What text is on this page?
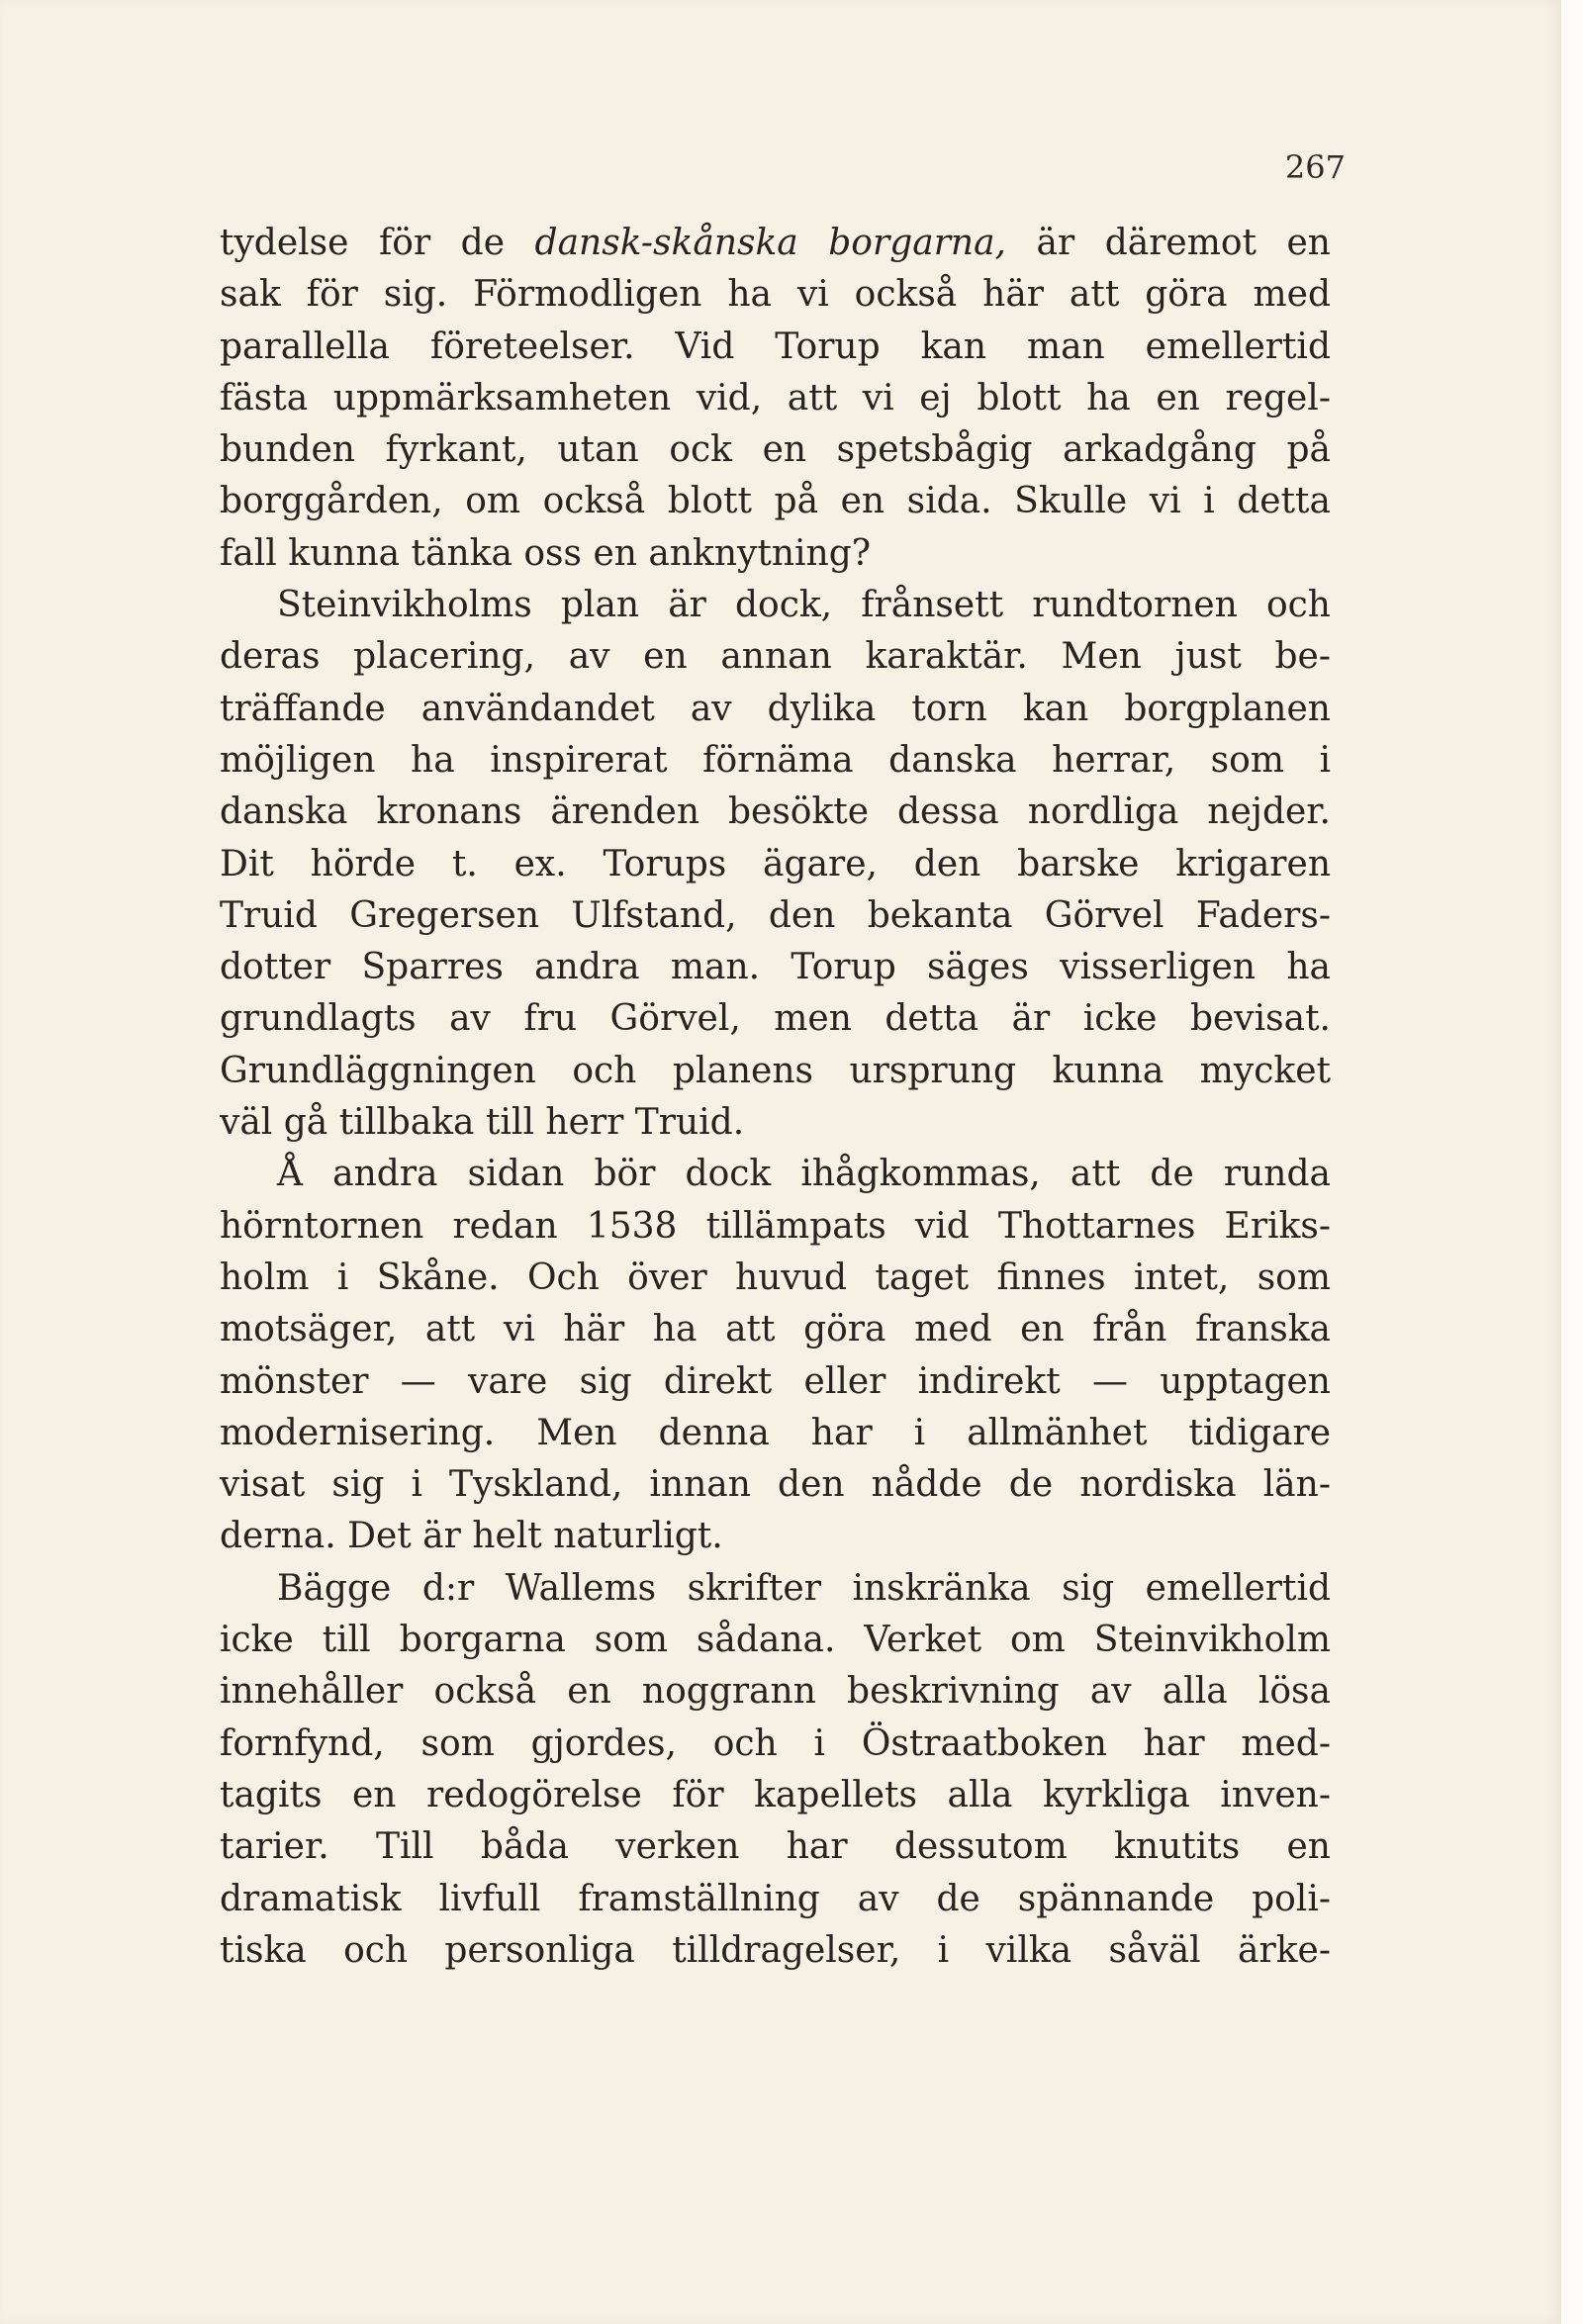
267

tydelse för de dansk-skånska borgarna, är däremot en
sak för sig. Förmodligen ha vi också här att göra med
parallella företeelser. Vid Torup kan man emellertid
fästa uppmärksamheten vid, att vi ej blott ha en regel-
bunden fyrkant, utan ock en spetsbågig arkadgång på
borggården, om också blott på en sida. Skulle vi i detta
fall kunna tänka oss en anknytning?
Steinvikholms plan är dock, frånsett rundtornen och
deras placering, av en annan karaktär. Men just be-
träffande användandet av dylika torn kan borgplanen
möjligen ha inspirerat förnäma danska herrar, som i
danska kronans ärenden besökte dessa nordliga nejder.
Dit hörde t. ex. Torups ägare, den barske krigaren
Truid Gregersen Ulfstand, den bekanta Görvel Faders-
dotter Sparres andra man. Torup säges visserligen ha
grundlagts av fru Görvel, men detta är icke bevisat.
Grundläggningen och planens ursprung kunna mycket
väl gå tillbaka till herr Truid.
Å andra sidan bör dock ihågkommas, att de runda
hörntornen redan 1538 tillämpats vid Thottarnes Eriks-
holm i Skåne. Och över huvud taget finnes intet, som
motsäger, att vi här ha att göra med en från franska
mönster — vare sig direkt eller indirekt — upptagen
modernisering. Men denna har i allmänhet tidigare
visat sig i Tyskland, innan den nådde de nordiska län-
derna. Det är helt naturligt.
Bägge d:r Wallems skrifter inskränka sig emellertid
icke till borgarna som sådana. Verket om Steinvikholm
innehåller också en noggrann beskrivning av alla lösa
fornfynd, som gjordes, och i Östraatboken har med-
tagits en redogörelse för kapellets alla kyrkliga inven-
tarier. Till båda verken har dessutom knutits en
dramatisk livfull framställning av de spännande poli-
tiska och personliga tilldragelser, i vilka såväl ärke-
